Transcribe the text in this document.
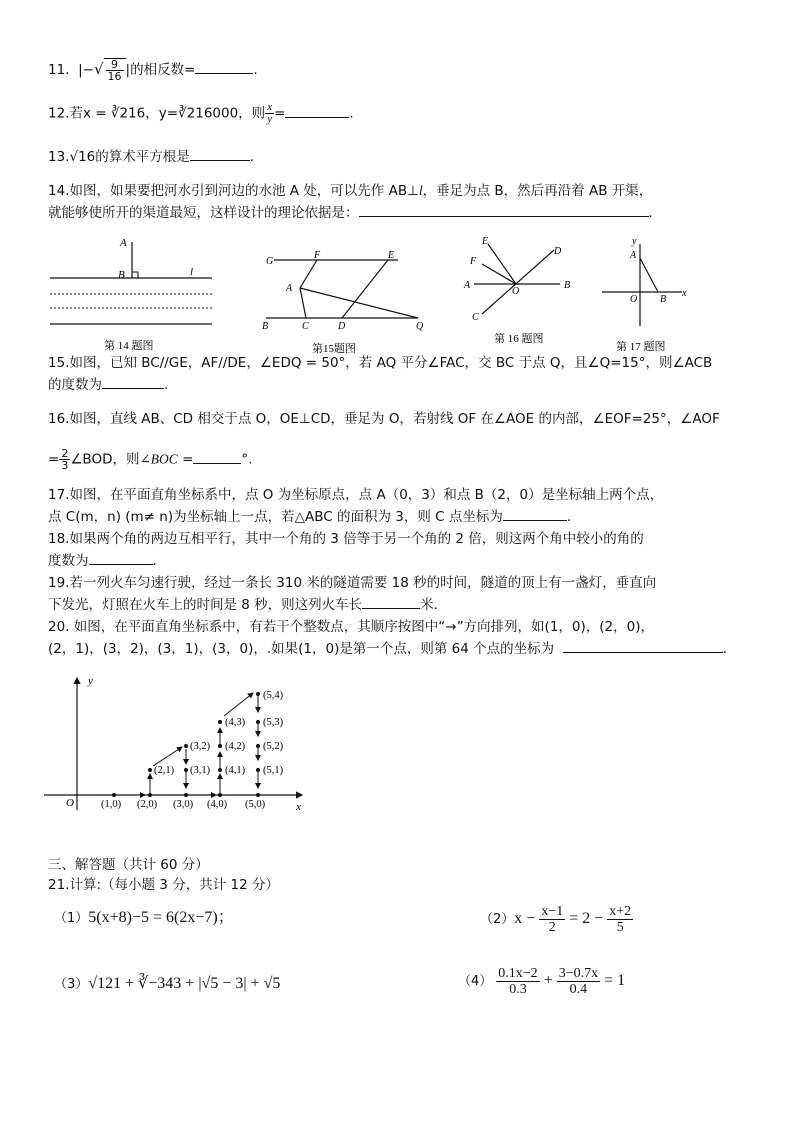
11. |−√ $\frac{9}{16}$ |的相反数=	.
12.若x = ∛216，y=∛216000，则 $\frac{x}{y}$ =	.
13.√16的算术平方根是	.
14.如图，如果要把河水引到河边的水池 A 处，可以先作 AB⊥l，垂足为点 B，然后再沿着 AB 开渠，
就能够使所开的渠道最短，这样设计的理论依据是：	.
A
B	l
第 14 题图
G
F	E
A
B	C	D	Q
第15题图
E
D
F
A
O
B
C
第 16 题图
y
A
O B
x
第 17 题图
15.如图，已知 BC//GE，AF//DE，∠EDQ = 50°，若 AQ 平分∠FAC，交 BC 于点 Q，且∠Q=15°，则∠ACB
的度数为	.
16.如图，直线 AB、CD 相交于点 O，OE⊥CD，垂足为 O，若射线 OF 在∠AOE 的内部，∠EOF=25°，∠AOF
= $\frac{2}{3}$ ∠BOD，则∠BOC =	°.
17.如图，在平面直角坐标系中，点 O 为坐标原点，点 A（0，3）和点 B（2，0）是坐标轴上两个点，
点 C(m，n) (m≠ n)为坐标轴上一点，若△ABC 的面积为 3，则 C 点坐标为	.
18.如果两个角的两边互相平行，其中一个角的 3 倍等于另一个角的 2 倍，则这两个角中较小的角的
度数为	.
19.若一列火车匀速行驶，经过一条长 310 米的隧道需要 18 秒的时间，隧道的顶上有一盏灯，垂直向
下发光，灯照在火车上的时间是 8 秒，则这列火车长	米.
20. 如图，在平面直角坐标系中，有若干个整数点，其顺序按图中“→”方向排列，如(1，0)，(2，0)，
(2，1)，(3，2)，(3，1)，(3，0)，.如果(1，0)是第一个点，则第 64 个点的坐标为	.
y
x
O	(1,0) (2,0) (3,0) (4,0) (5,0)
(2,1) (3,1) (4,1) (5,1)
(3,2) (4,2) (5,2)
(4,3) (5,3)
(5,4)
三、解答题（共计 60 分）
21.计算:（每小题 3 分，共计 12 分）
（1）5(x+8)−5 = 6(2x−7)；	$(2)x - \frac{x-1}{2} = 2 - \frac{x+2}{5}$
（3）√121 + ∛−343 + |√5 − 3| + √5	$(4) \frac{0.1x-2}{0.3} + \frac{3-0.7x}{0.4} = 1$
